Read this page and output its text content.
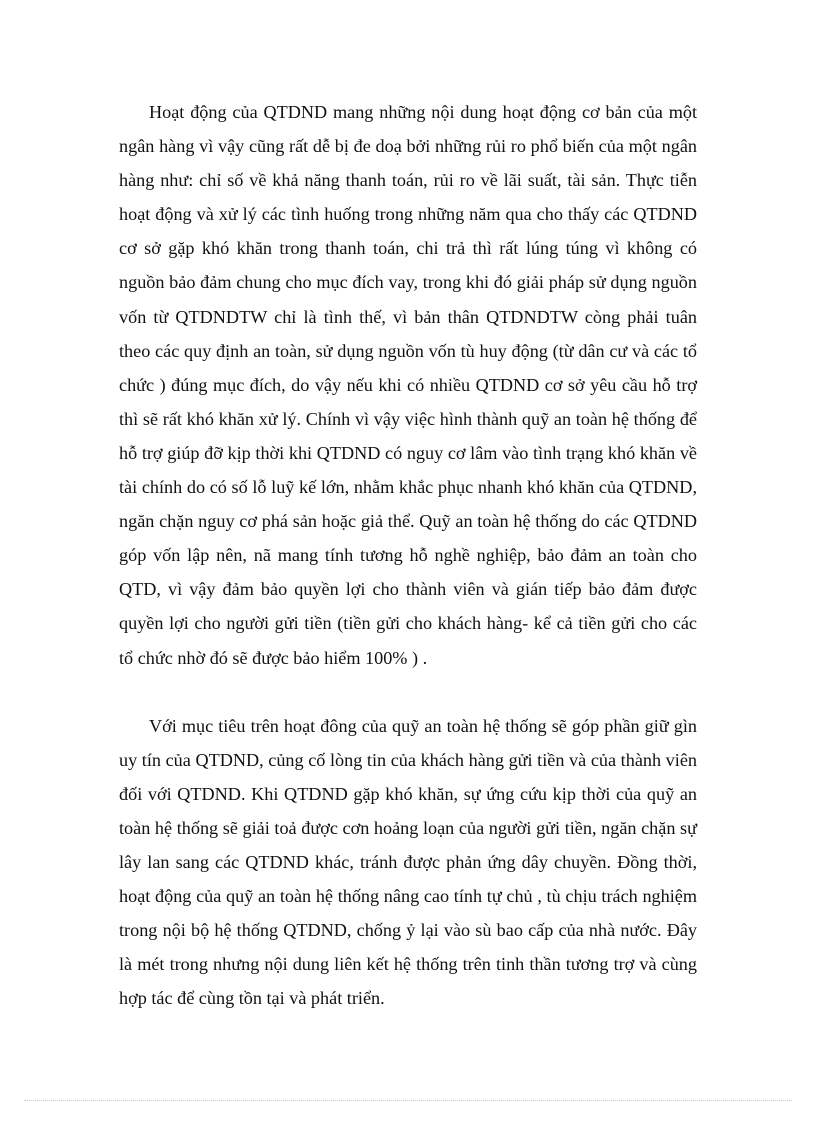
Hoạt động của QTDND mang những nội dung hoạt động cơ bản của một ngân hàng vì vậy cũng rất dễ bị đe doạ bởi những rủi ro phổ biến của một ngân hàng như: chỉ số về khả năng thanh toán, rủi ro về lãi suất, tài sản. Thực tiễn hoạt động và xử lý các tình huống trong những năm qua cho thấy các QTDND cơ sở gặp khó khăn trong thanh toán, chi trả thì rất lúng túng vì không có nguồn bảo đảm chung cho mục đích vay, trong khi đó giải pháp sử dụng nguồn vốn từ QTDNDTW chỉ là tình thế, vì bản thân QTDNDTW còng phải tuân theo các quy định an toàn, sử dụng nguồn vốn tù huy động (từ dân cư và các tổ chức ) đúng mục đích, do vậy nếu khi có nhiều QTDND cơ sở yêu cầu hỗ trợ thì sẽ rất khó khăn xử lý. Chính vì vậy việc hình thành quỹ an toàn hệ thống để hỗ trợ giúp đỡ kịp thời khi QTDND có nguy cơ lâm vào tình trạng khó khăn về tài chính do có số lỗ luỹ kế lớn, nhằm khắc phục nhanh khó khăn của QTDND, ngăn chặn nguy cơ phá sản hoặc giả thể. Quỹ an toàn hệ thống do các QTDND góp vốn lập nên, nã mang tính tương hỗ nghề nghiệp, bảo đảm an toàn cho QTD, vì vậy đảm bảo quyền lợi cho thành viên và gián tiếp bảo đảm được quyền lợi cho người gửi tiền (tiền gửi cho khách hàng- kể cả tiền gửi cho các tổ chức nhờ đó sẽ được bảo hiểm 100% ) .

Với mục tiêu trên hoạt đông của quỹ an toàn hệ thống sẽ góp phần giữ gìn uy tín của QTDND, củng cố lòng tin của khách hàng gửi tiền và của thành viên đối với QTDND. Khi QTDND gặp khó khăn, sự ứng cứu kịp thời của quỹ an toàn hệ thống sẽ giải toả được cơn hoảng loạn của người gửi tiền, ngăn chặn sự lây lan sang các QTDND khác, tránh được phản ứng dây chuyền. Đồng thời, hoạt động của quỹ an toàn hệ thống nâng cao tính tự chủ , tù chịu trách nghiệm trong nội bộ hệ thống QTDND, chống ỷ lại vào sù bao cấp của nhà nước. Đây là mét trong nhưng nội dung liên kết hệ thống trên tinh thần tương trợ và cùng hợp tác để cùng tồn tại và phát triển.
